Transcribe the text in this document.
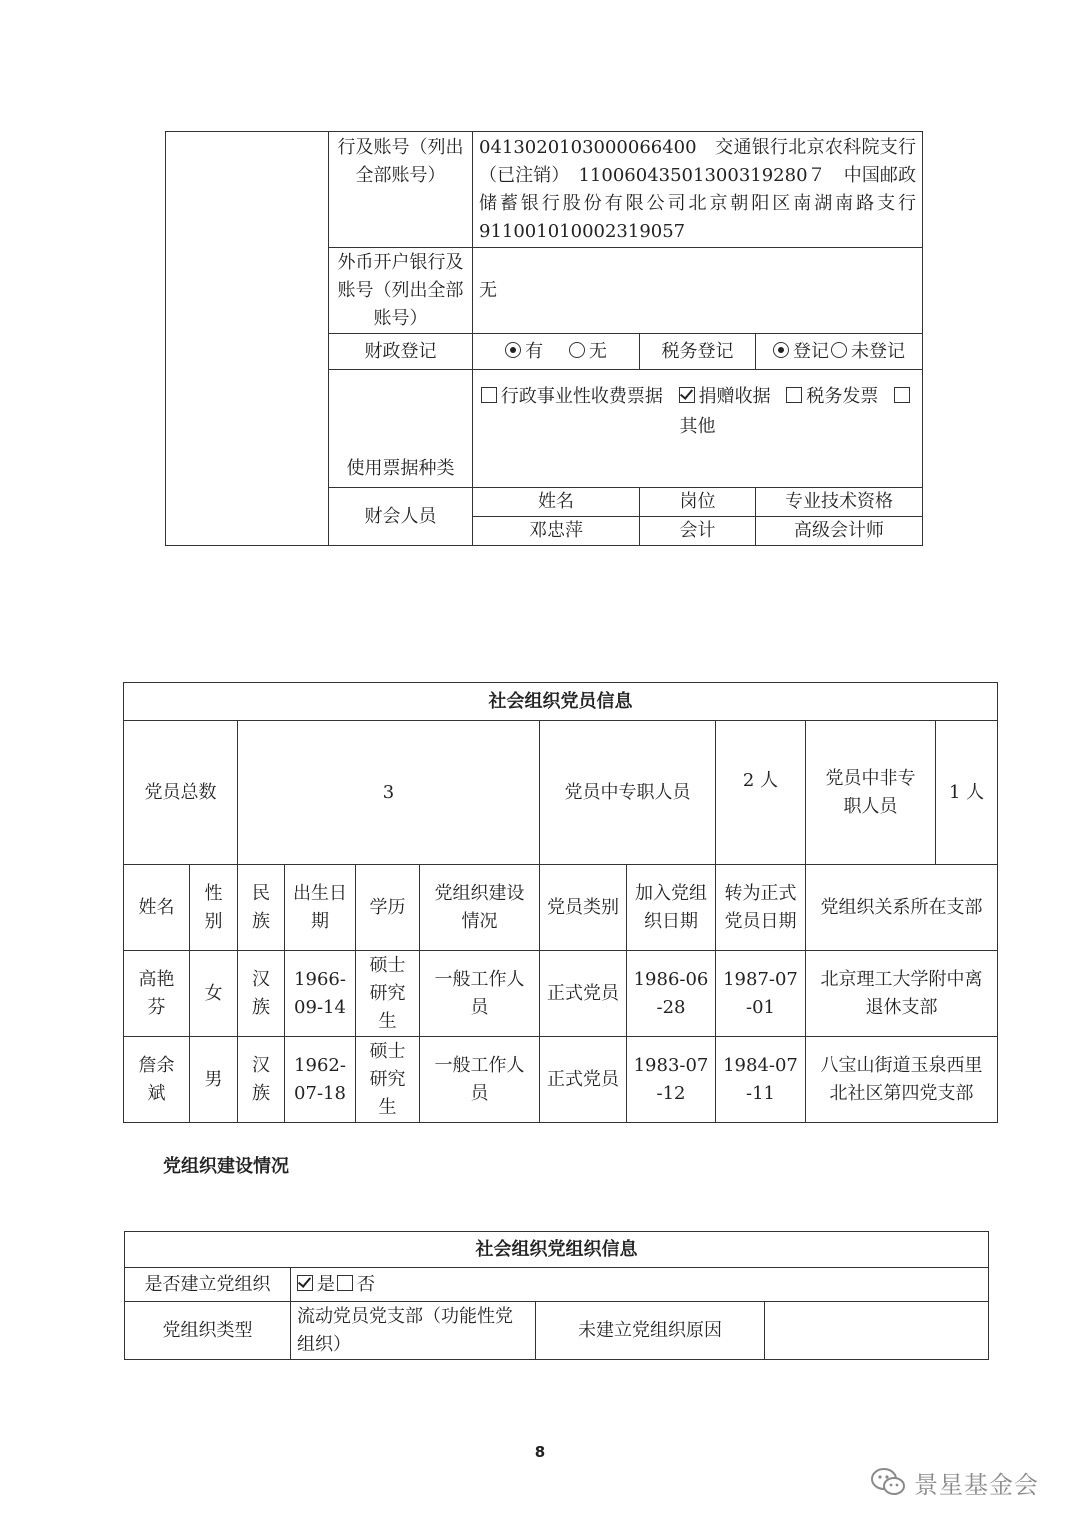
	行及账号（列出全部账号）	0413020103000066400　交通银行北京农科院支行（已注销）　11006043501300319280７　中国邮政储蓄银行股份有限公司北京朝阳区南湖南路支行　911001010002319057		
	外币开户银行及账号（列出全部账号）	无		
	财政登记	有 无	税务登记	登记 未登记
	使用票据种类	行政事业性收费票据 捐赠收据 税务发票 其他		
	财会人员	姓名	岗位	专业技术资格
		邓忠萍	会计	高级会计师
社会组织党员信息										
党员总数		3				党员中专职人员		2 人	党员中非专职人员	1 人
姓名	性别	民族	出生日期	学历	党组织建设情况	党员类别	加入党组织日期	转为正式党员日期	党组织关系所在支部	
高艳芬	女	汉族	1966-09-14	硕士研究生	一般工作人员	正式党员	1986-06-28	1987-07-01	北京理工大学附中离退休支部	
詹余斌	男	汉族	1962-07-18	硕士研究生	一般工作人员	正式党员	1983-07-12	1984-07-11	八宝山街道玉泉西里北社区第四党支部	
党组织建设情况
社会组织党组织信息			
是否建立党组织	是 否		
党组织类型	流动党员党支部（功能性党组织）	未建立党组织原因	
8
景星基金会
